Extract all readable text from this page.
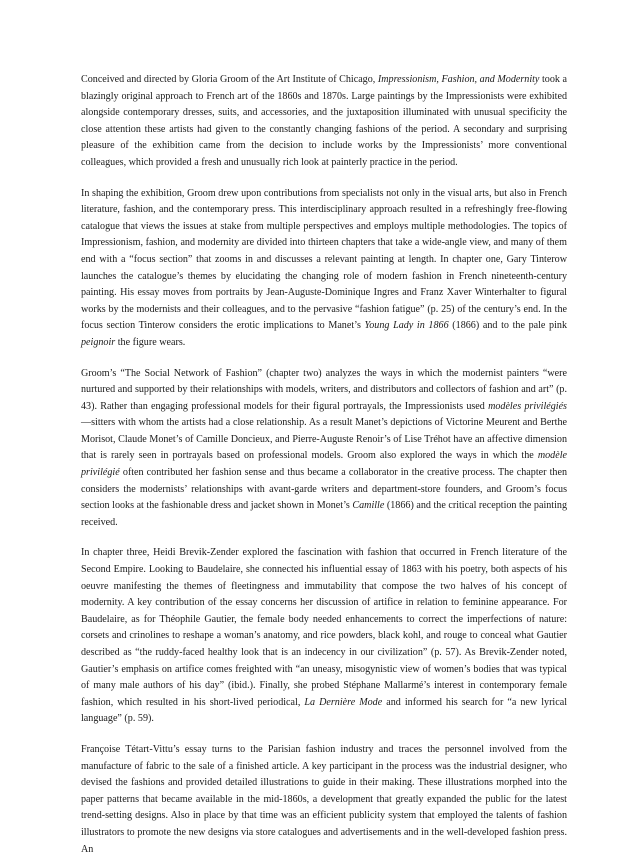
Conceived and directed by Gloria Groom of the Art Institute of Chicago, Impressionism, Fashion, and Modernity took a blazingly original approach to French art of the 1860s and 1870s. Large paintings by the Impressionists were exhibited alongside contemporary dresses, suits, and accessories, and the juxtaposition illuminated with unusual specificity the close attention these artists had given to the constantly changing fashions of the period. A secondary and surprising pleasure of the exhibition came from the decision to include works by the Impressionists’ more conventional colleagues, which provided a fresh and unusually rich look at painterly practice in the period.

In shaping the exhibition, Groom drew upon contributions from specialists not only in the visual arts, but also in French literature, fashion, and the contemporary press. This interdisciplinary approach resulted in a refreshingly free-flowing catalogue that views the issues at stake from multiple perspectives and employs multiple methodologies. The topics of Impressionism, fashion, and modernity are divided into thirteen chapters that take a wide-angle view, and many of them end with a “focus section” that zooms in and discusses a relevant painting at length. In chapter one, Gary Tinterow launches the catalogue’s themes by elucidating the changing role of modern fashion in French nineteenth-century painting. His essay moves from portraits by Jean-Auguste-Dominique Ingres and Franz Xaver Winterhalter to figural works by the modernists and their colleagues, and to the pervasive “fashion fatigue” (p. 25) of the century’s end. In the focus section Tinterow considers the erotic implications to Manet’s Young Lady in 1866 (1866) and to the pale pink peignoir the figure wears.

Groom’s “The Social Network of Fashion” (chapter two) analyzes the ways in which the modernist painters “were nurtured and supported by their relationships with models, writers, and distributors and collectors of fashion and art” (p. 43). Rather than engaging professional models for their figural portrayals, the Impressionists used modèles privilégiés—sitters with whom the artists had a close relationship. As a result Manet’s depictions of Victorine Meurent and Berthe Morisot, Claude Monet’s of Camille Doncieux, and Pierre-Auguste Renoir’s of Lise Tréhot have an affective dimension that is rarely seen in portrayals based on professional models. Groom also explored the ways in which the modèle privilégié often contributed her fashion sense and thus became a collaborator in the creative process. The chapter then considers the modernists’ relationships with avant-garde writers and department-store founders, and Groom’s focus section looks at the fashionable dress and jacket shown in Monet’s Camille (1866) and the critical reception the painting received.

In chapter three, Heidi Brevik-Zender explored the fascination with fashion that occurred in French literature of the Second Empire. Looking to Baudelaire, she connected his influential essay of 1863 with his poetry, both aspects of his oeuvre manifesting the themes of fleetingness and immutability that compose the two halves of his concept of modernity. A key contribution of the essay concerns her discussion of artifice in relation to feminine appearance. For Baudelaire, as for Théophile Gautier, the female body needed enhancements to correct the imperfections of nature: corsets and crinolines to reshape a woman’s anatomy, and rice powders, black kohl, and rouge to conceal what Gautier described as “the ruddy-faced healthy look that is an indecency in our civilization” (p. 57). As Brevik-Zender noted, Gautier’s emphasis on artifice comes freighted with “an uneasy, misogynistic view of women’s bodies that was typical of many male authors of his day” (ibid.). Finally, she probed Stéphane Mallarmé’s interest in contemporary female fashion, which resulted in his short-lived periodical, La Dernière Mode and informed his search for “a new lyrical language” (p. 59).

Françoise Tétart-Vittu’s essay turns to the Parisian fashion industry and traces the personnel involved from the manufacture of fabric to the sale of a finished article. A key participant in the process was the industrial designer, who devised the fashions and provided detailed illustrations to guide in their making. These illustrations morphed into the paper patterns that became available in the mid-1860s, a development that greatly expanded the public for the latest trend-setting designs. Also in place by that time was an efficient publicity system that employed the talents of fashion illustrators to promote the new designs via store catalogues and advertisements and in the well-developed fashion press. An
